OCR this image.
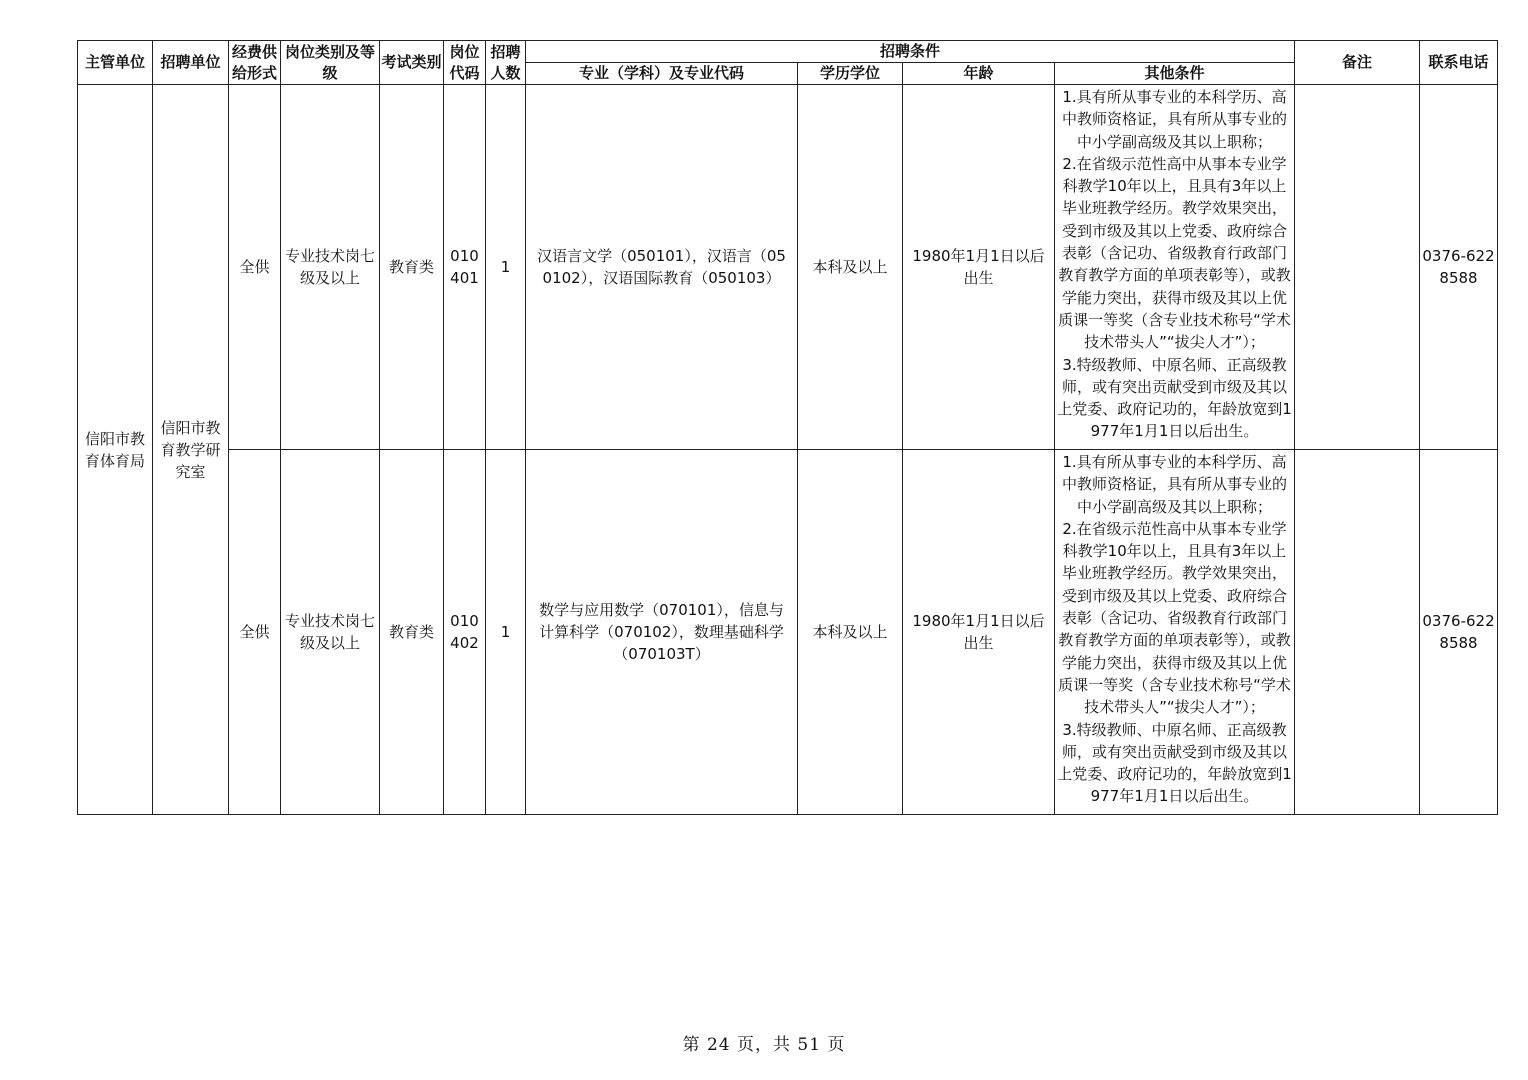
主管单位	招聘单位	经费供给形式	岗位类别及等级	考试类别	岗位代码	招聘人数	招聘条件				备注	联系电话
							专业（学科）及专业代码	学历学位	年龄	其他条件		
信阳市教育体育局	信阳市教育教学研究室	全供	专业技术岗七级及以上	教育类	010401	1	汉语言文学（050101），汉语言（050102），汉语国际教育（050103）	本科及以上	1980年1月1日以后出生	1.具有所从事专业的本科学历、高中教师资格证，具有所从事专业的中小学副高级及其以上职称；
2.在省级示范性高中从事本专业学科教学10年以上，且具有3年以上毕业班教学经历。教学效果突出，受到市级及其以上党委、政府综合表彰（含记功、省级教育行政部门教育教学方面的单项表彰等），或教学能力突出，获得市级及其以上优质课一等奖（含专业技术称号“学术技术带头人”“拔尖人才”）；                    3.特级教师、中原名师、正高级教师，或有突出贡献受到市级及其以上党委、政府记功的，年龄放宽到1977年1月1日以后出生。		0376-6228588
		全供	专业技术岗七级及以上	教育类	010402	1	数学与应用数学（070101），信息与计算科学（070102），数理基础科学（070103T）	本科及以上	1980年1月1日以后出生	1.具有所从事专业的本科学历、高中教师资格证，具有所从事专业的中小学副高级及其以上职称；
2.在省级示范性高中从事本专业学科教学10年以上，且具有3年以上毕业班教学经历。教学效果突出，受到市级及其以上党委、政府综合表彰（含记功、省级教育行政部门教育教学方面的单项表彰等），或教学能力突出，获得市级及其以上优质课一等奖（含专业技术称号“学术技术带头人”“拔尖人才”）；                    3.特级教师、中原名师、正高级教师，或有突出贡献受到市级及其以上党委、政府记功的，年龄放宽到1977年1月1日以后出生。		0376-6228588
第 24 页，共 51 页
